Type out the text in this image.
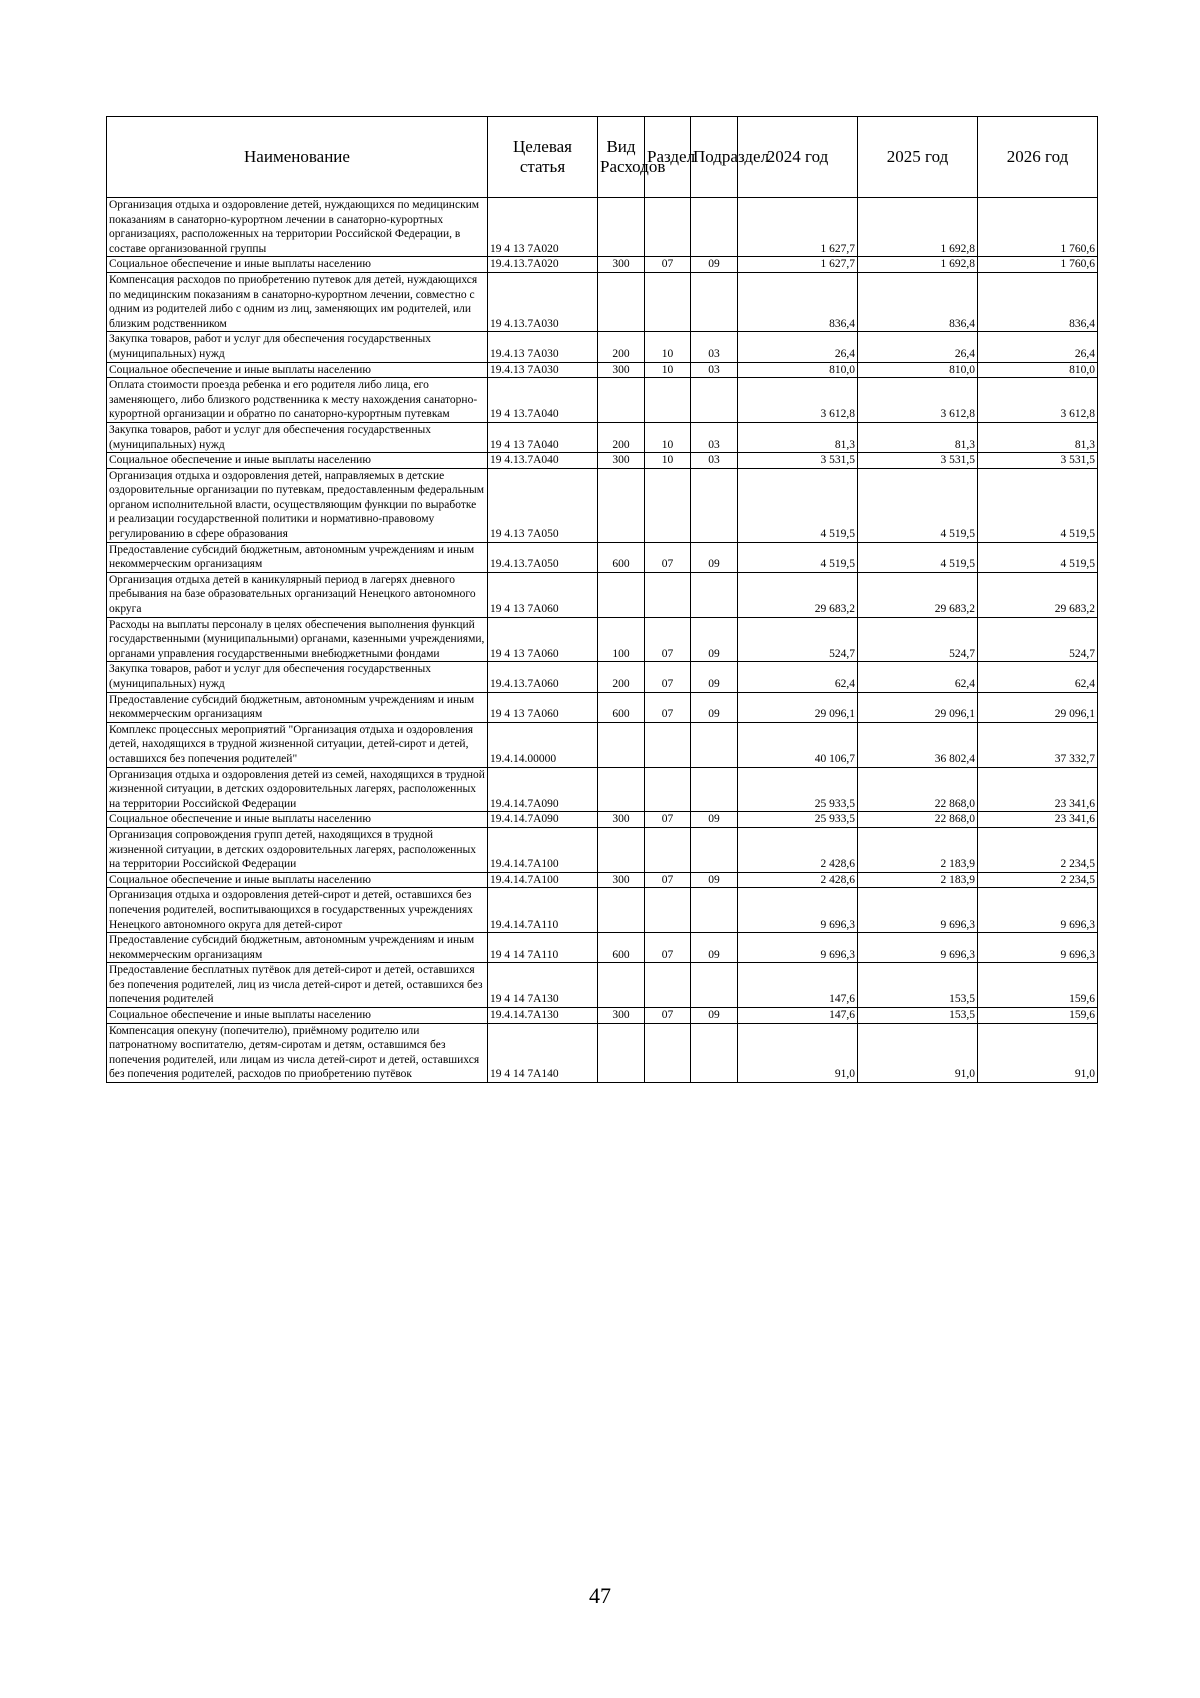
Наименование	Целевая статья	Вид Расходов	Раздел	Подраздел	2024 год	2025 год	2026 год
Организация отдыха и оздоровление детей, нуждающихся по медицинским показаниям в санаторно-курортном лечении в санаторно-курортных организациях, расположенных на территории Российской Федерации, в составе организованной группы	19 4 13 7А020				1 627,7	1 692,8	1 760,6
Социальное обеспечение и иные выплаты населению	19.4.13.7А020	300	07	09	1 627,7	1 692,8	1 760,6
Компенсация расходов по приобретению путевок для детей, нуждающихся по медицинским показаниям в санаторно-курортном лечении, совместно с одним из родителей либо с одним из лиц, заменяющих им родителей, или близким родственником	19 4.13.7А030				836,4	836,4	836,4
Закупка товаров, работ и услуг для обеспечения государственных (муниципальных) нужд	19.4.13 7А030	200	10	03	26,4	26,4	26,4
Социальное обеспечение и иные выплаты населению	19.4.13 7А030	300	10	03	810,0	810,0	810,0
Оплата стоимости проезда ребенка и его родителя либо лица, его заменяющего, либо близкого родственника к месту нахождения санаторно-курортной организации и обратно по санаторно-курортным путевкам	19 4 13.7А040				3 612,8	3 612,8	3 612,8
Закупка товаров, работ и услуг для обеспечения государственных (муниципальных) нужд	19 4 13 7А040	200	10	03	81,3	81,3	81,3
Социальное обеспечение и иные выплаты населению	19 4.13.7А040	300	10	03	3 531,5	3 531,5	3 531,5
Организация отдыха и оздоровления детей, направляемых в детские оздоровительные организации по путевкам, предоставленным федеральным органом исполнительной власти, осуществляющим функции по выработке и реализации государственной политики и нормативно-правовому регулированию в сфере образования	19 4.13 7А050				4 519,5	4 519,5	4 519,5
Предоставление субсидий бюджетным, автономным учреждениям и иным некоммерческим организациям	19.4.13.7А050	600	07	09	4 519,5	4 519,5	4 519,5
Организация отдыха детей в каникулярный период в лагерях дневного пребывания на базе образовательных организаций Ненецкого автономного округа	19 4 13 7А060				29 683,2	29 683,2	29 683,2
Расходы на выплаты персоналу в целях обеспечения выполнения функций государственными (муниципальными) органами, казенными учреждениями, органами управления государственными внебюджетными фондами	19 4 13 7А060	100	07	09	524,7	524,7	524,7
Закупка товаров, работ и услуг для обеспечения государственных (муниципальных) нужд	19.4.13.7А060	200	07	09	62,4	62,4	62,4
Предоставление субсидий бюджетным, автономным учреждениям и иным некоммерческим организациям	19 4 13 7А060	600	07	09	29 096,1	29 096,1	29 096,1
Комплекс процессных мероприятий "Организация отдыха и оздоровления детей, находящихся в трудной жизненной ситуации, детей-сирот и детей, оставшихся без попечения родителей"	19.4.14.00000				40 106,7	36 802,4	37 332,7
Организация отдыха и оздоровления детей из семей, находящихся в трудной жизненной ситуации, в детских оздоровительных лагерях, расположенных на территории Российской Федерации	19.4.14.7А090				25 933,5	22 868,0	23 341,6
Социальное обеспечение и иные выплаты населению	19.4.14.7А090	300	07	09	25 933,5	22 868,0	23 341,6
Организация сопровождения групп детей, находящихся в трудной жизненной ситуации, в детских оздоровительных лагерях, расположенных на территории Российской Федерации	19.4.14.7А100				2 428,6	2 183,9	2 234,5
Социальное обеспечение и иные выплаты населению	19.4.14.7А100	300	07	09	2 428,6	2 183,9	2 234,5
Организация отдыха и оздоровления детей-сирот и детей, оставшихся без попечения родителей, воспитывающихся в государственных учреждениях Ненецкого автономного округа для детей-сирот	19.4.14.7А110				9 696,3	9 696,3	9 696,3
Предоставление субсидий бюджетным, автономным учреждениям и иным некоммерческим организациям	19 4 14 7А110	600	07	09	9 696,3	9 696,3	9 696,3
Предоставление бесплатных путёвок для детей-сирот и детей, оставшихся без попечения родителей, лиц из числа детей-сирот и детей, оставшихся без попечения родителей	19 4 14 7А130				147,6	153,5	159,6
Социальное обеспечение и иные выплаты населению	19.4.14.7А130	300	07	09	147,6	153,5	159,6
Компенсация опекуну (попечителю), приёмному родителю или патронатному воспитателю, детям-сиротам и детям, оставшимся без попечения родителей, или лицам из числа детей-сирот и детей, оставшихся без попечения родителей, расходов по приобретению путёвок	19 4 14 7А140				91,0	91,0	91,0
47
